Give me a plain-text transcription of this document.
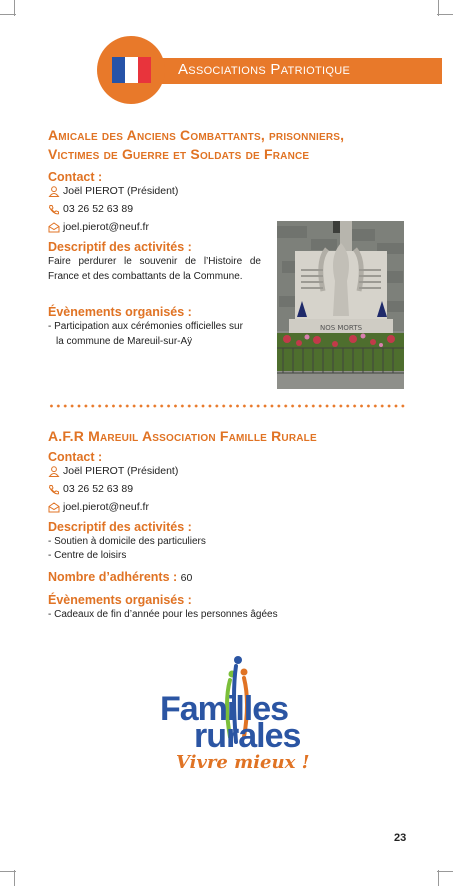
Associations Patriotique
Amicale des Anciens Combattants, prisonniers,
Victimes de Guerre et Soldats de France
Contact :
Joël PIEROT (Président)
03 26 52 63 89
joel.pierot@neuf.fr
Descriptif des activités :
Faire perdurer le souvenir de l’Histoire de
France et des combattants de la Commune.
Évènements organisés :
- Participation aux cérémonies officielles sur
la commune de Mareuil-sur-Aÿ
NOS MORTS
A.F.R Mareuil Association Famille Rurale
Contact :
Joël PIEROT (Président)
03 26 52 63 89
joel.pierot@neuf.fr
Descriptif des activités :
- Soutien à domicile des particuliers
- Centre de loisirs
Nombre d’adhérents : 60
Évènements organisés :
- Cadeaux de fin d’année pour les personnes âgées
Familles
rurales
Vivre mieux !
23
